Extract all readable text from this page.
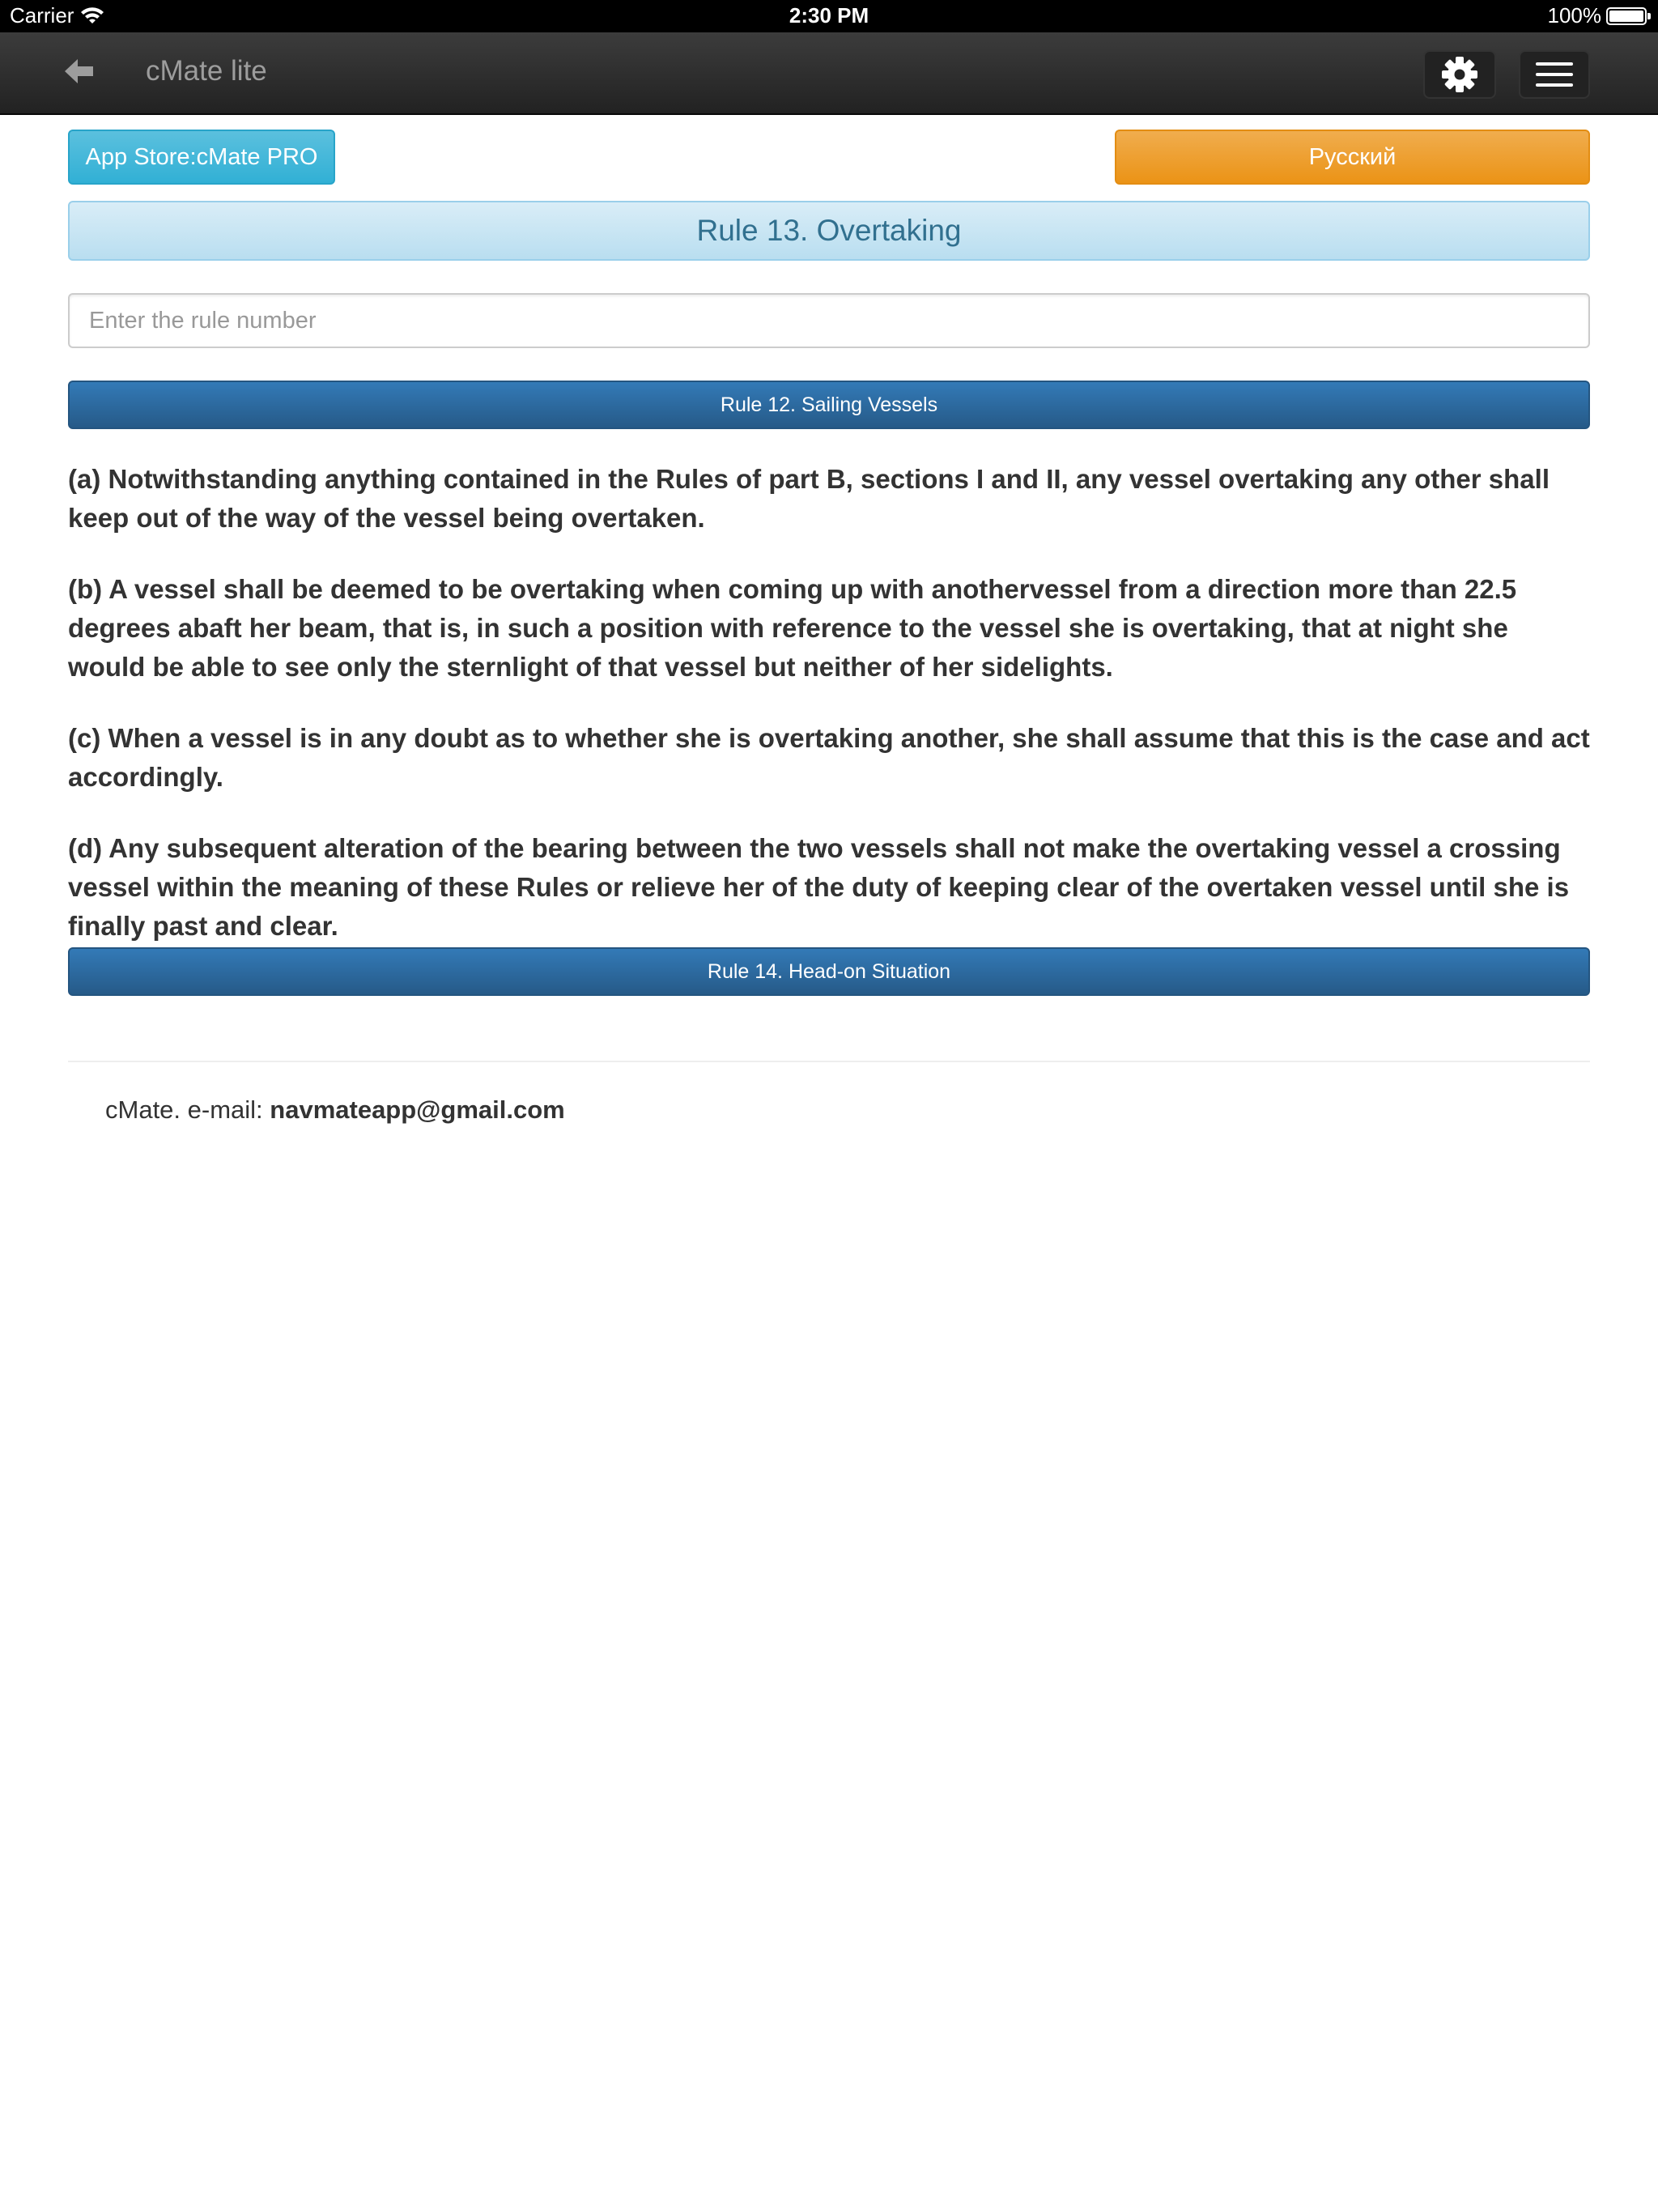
Carrier	2:30 PM	100%
cMate lite
App Store:cMate PRO	Русский
Rule 13. Overtaking
Enter the rule number
Rule 12. Sailing Vessels

(a) Notwithstanding anything contained in the Rules of part B, sections I and II, any vessel overtaking any other shall keep out of the way of the vessel being overtaken.

(b) A vessel shall be deemed to be overtaking when coming up with anothervessel from a direction more than 22.5 degrees abaft her beam, that is, in such a position with reference to the vessel she is overtaking, that at night she would be able to see only the sternlight of that vessel but neither of her sidelights.

(c) When a vessel is in any doubt as to whether she is overtaking another, she shall assume that this is the case and act accordingly.

(d) Any subsequent alteration of the bearing between the two vessels shall not make the overtaking vessel a crossing vessel within the meaning of these Rules or relieve her of the duty of keeping clear of the overtaken vessel until she is finally past and clear.

Rule 14. Head-on Situation
cMate. e-mail: navmateapp@gmail.com
